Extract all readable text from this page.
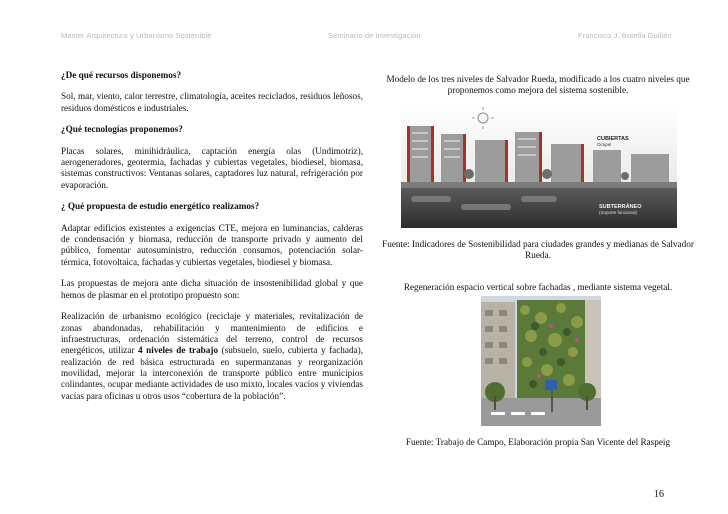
Master Arquitectura y Urbanismo Sostenible	Seminario de Investigación	Francisco J. Botella Guillén

¿De qué recursos disponemos?

Sol, mar, viento, calor terrestre, climatología, aceites reciclados, residuos leñosos, residuos domésticos e industriales.

¿Qué tecnologías proponemos?

Placas solares, minihidráulica, captación energía olas (Undimotriz), aerogeneradores, geotermia, fachadas y cubiertas vegetales, biodiesel, biomasa, sistemas constructivos: Ventanas solares, captadores luz natural, refrigeración por evaporación.

¿ Qué propuesta de estudio energético realizamos?

Adaptar edificios existentes a exigencias CTE, mejora en luminancias, calderas de condensación y biomasa, reducción de transporte privado y aumento del público, fomentar autosuministro, reducción consumos, potenciación solar-térmica, fotovoltaica, fachadas y cubiertas vegetales, biodiesel y biomasa.

Las propuestas de mejora ante dicha situación de insostenibilidad global y que hemos de plasmar en el prototipo propuesto son:

Realización de urbanismo ecológico (reciclaje y materiales, revitalización de zonas abandonadas, rehabilitación y mantenimiento de edificios e infraestructuras, ordenación sistemática del terreno, control de recursos energéticos, utilizar 4 niveles de trabajo (subsuelo, suelo, cubierta y fachada), realización de red básica estructurada en supermanzanas y reorganización movilidad, mejorar la interconexión de transporte público entre municipios colindantes, ocupar mediante actividades de uso mixto, locales vacíos y viviendas vacías para oficinas u otros usos “cobertura de la población”.

Modelo de los tres niveles de Salvador Rueda, modificado a los cuatro niveles que proponemos como mejora del sistema sostenible.
CUBIERTAS
Ocupel
SUBTERRÁNEO
(Soporte funcional)
Fuente: Indicadores de Sostenibilidad para ciudades grandes y medianas de Salvador Rueda.
Regeneración espacio vertical sobre fachadas , mediante sistema vegetal.
Fuente: Trabajo de Campo, Elaboración propia San Vicente del Raspeig
16
